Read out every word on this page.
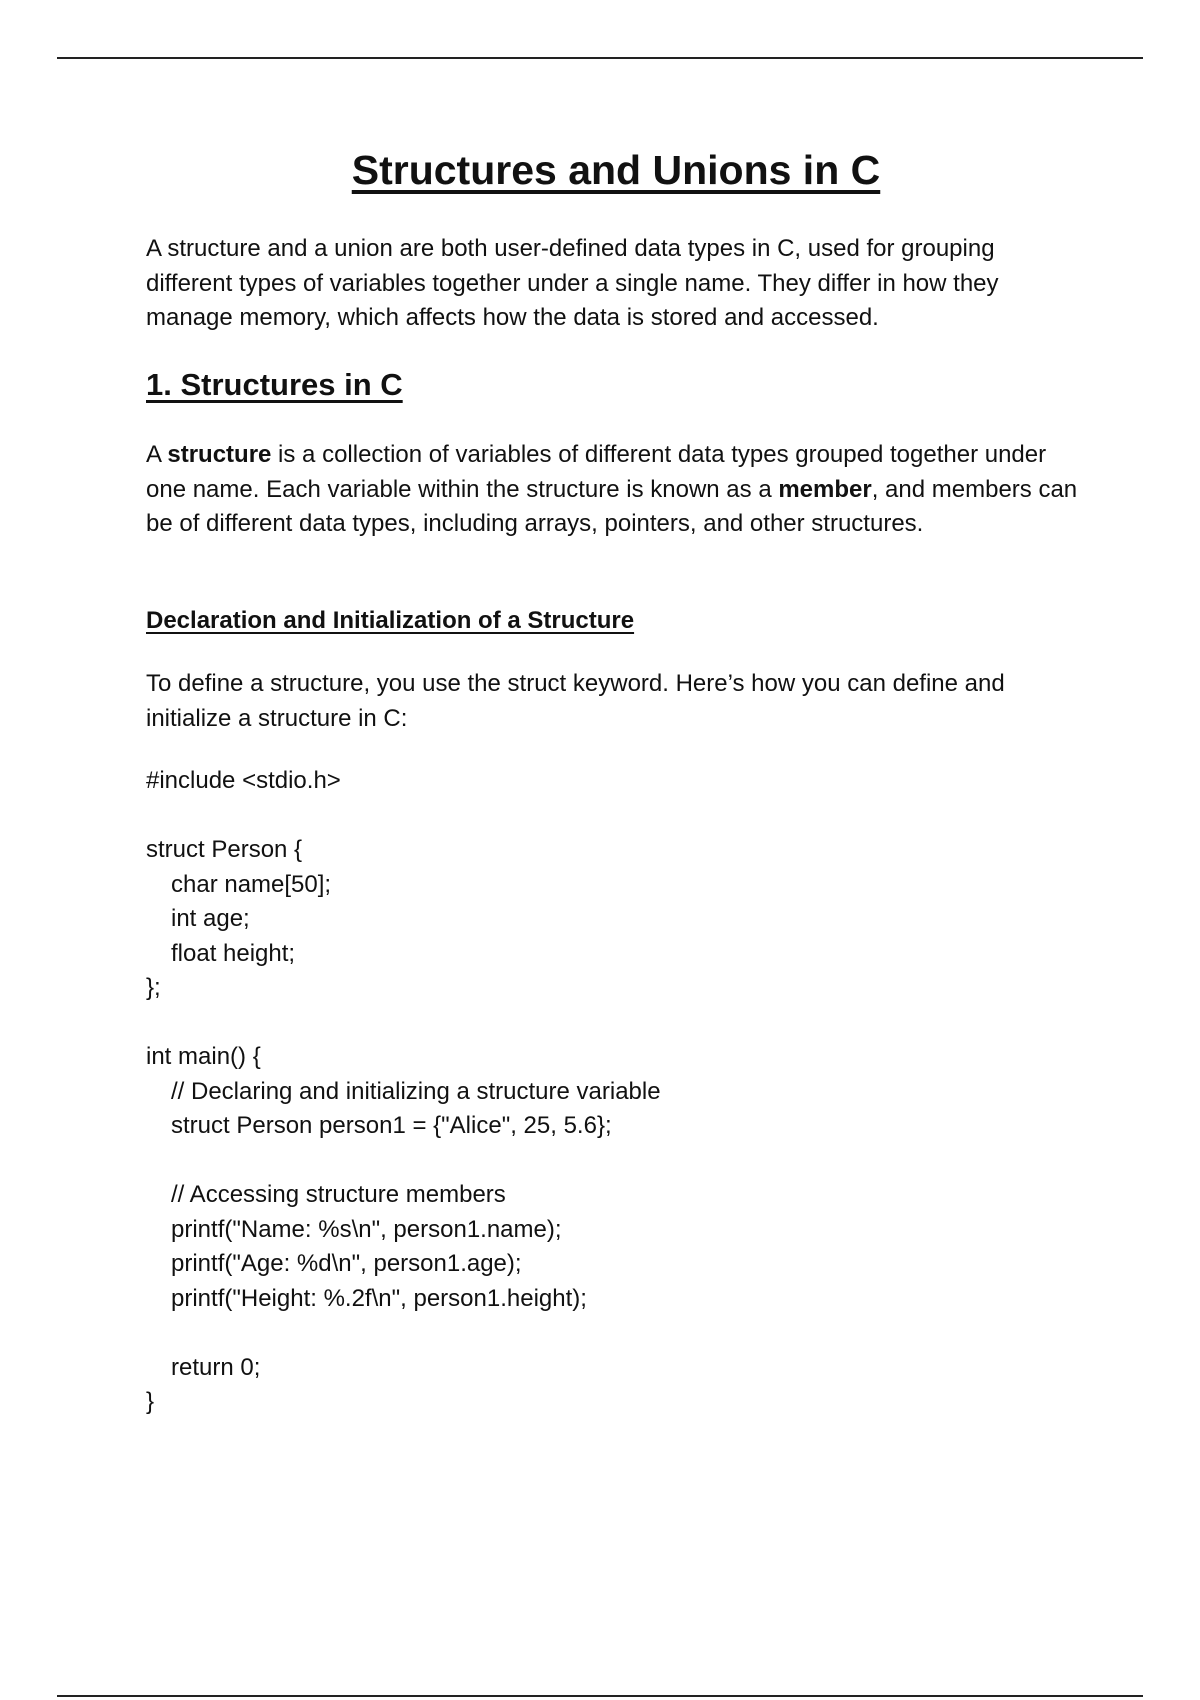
Structures and Unions in C

A structure and a union are both user-defined data types in C, used for grouping different types of variables together under a single name. They differ in how they manage memory, which affects how the data is stored and accessed.

1. Structures in C

A structure is a collection of variables of different data types grouped together under one name. Each variable within the structure is known as a member, and members can be of different data types, including arrays, pointers, and other structures.

Declaration and Initialization of a Structure

To define a structure, you use the struct keyword. Here’s how you can define and initialize a structure in C:

#include <stdio.h>
struct Person {
char name[50];
int age;
float height;
};
int main() {
// Declaring and initializing a structure variable
struct Person person1 = {"Alice", 25, 5.6};
// Accessing structure members
printf("Name: %s\n", person1.name);
printf("Age: %d\n", person1.age);
printf("Height: %.2f\n", person1.height);
return 0;
}
